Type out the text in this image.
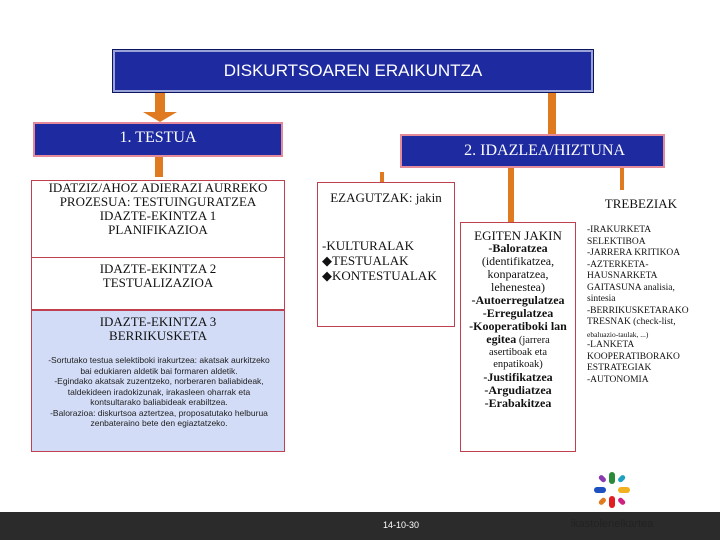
DISKURTSOAREN ERAIKUNTZA
1. TESTUA
2. IDAZLEA/HIZTUNA
IDATZIZ/AHOZ ADIERAZI AURREKO
PROZESUA: TESTUINGURATZEA
IDAZTE-EKINTZA 1
PLANIFIKAZIOA
IDAZTE-EKINTZA 2
TESTUALIZAZIOA
IDAZTE-EKINTZA 3
BERRIKUSKETA
-Sortutako testua selektiboki irakurtzea: akatsak aurkitzeko
bai edukiaren aldetik bai formaren aldetik.
-Egindako akatsak zuzentzeko, norberaren baliabideak,
taldekideen iradokizunak, irakasleen oharrak eta
kontsultarako baliabideak erabiltzea.
-Balorazioa: diskurtsoa aztertzea, proposatutako helburua
zenbateraino bete den egiaztatzeko.
EZAGUTZAK: jakin
-KULTURALAK
◆TESTUALAK
◆KONTESTUALAK
TREBEZIAK
EGITEN JAKIN
-Baloratzea
(identifikatzea,
konparatzea,
lehenestea)
-Autoerregulatzea
-Erregulatzea
-Kooperatiboki lan
egitea (jarrera
asertiboak eta
enpatikoak)
-Justifikatzea
-Argudiatzea
-Erabakitzea
-IRAKURKETA
SELEKTIBOA
-JARRERA KRITIKOA
-AZTERKETA-
HAUSNARKETA
GAITASUNA analisia,
sintesia
-BERRIKUSKETARAKO
TRESNAK (check-list,
ebaluazio-taulak, ...)
-LANKETA
KOOPERATIBORAKO
ESTRATEGIAK
-AUTONOMIA
14-10-30	ikastolenelkartea
